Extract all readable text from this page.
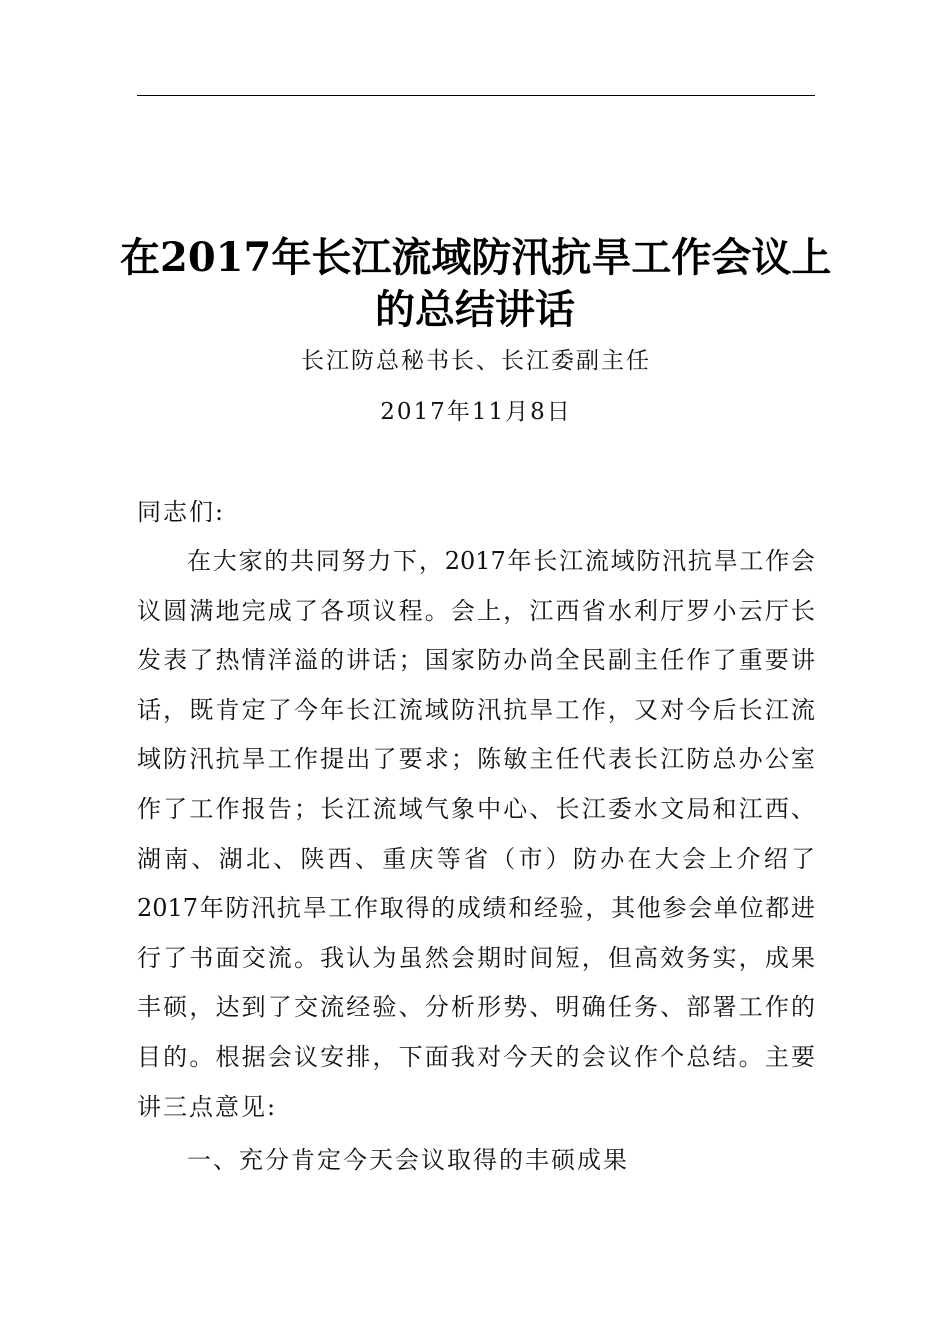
在2017年长江流域防汛抗旱工作会议上
的总结讲话
长江防总秘书长、长江委副主任
2017年11月8日
同志们:
在大家的共同努力下，2017年长江流域防汛抗旱工作会
议圆满地完成了各项议程。会上，江西省水利厅罗小云厅长
发表了热情洋溢的讲话；国家防办尚全民副主任作了重要讲
话，既肯定了今年长江流域防汛抗旱工作，又对今后长江流
域防汛抗旱工作提出了要求；陈敏主任代表长江防总办公室
作了工作报告；长江流域气象中心、长江委水文局和江西、
湖南、湖北、陕西、重庆等省（市）防办在大会上介绍了
2017年防汛抗旱工作取得的成绩和经验，其他参会单位都进
行了书面交流。我认为虽然会期时间短，但高效务实，成果
丰硕，达到了交流经验、分析形势、明确任务、部署工作的
目的。根据会议安排，下面我对今天的会议作个总结。主要
讲三点意见:
一、充分肯定今天会议取得的丰硕成果
